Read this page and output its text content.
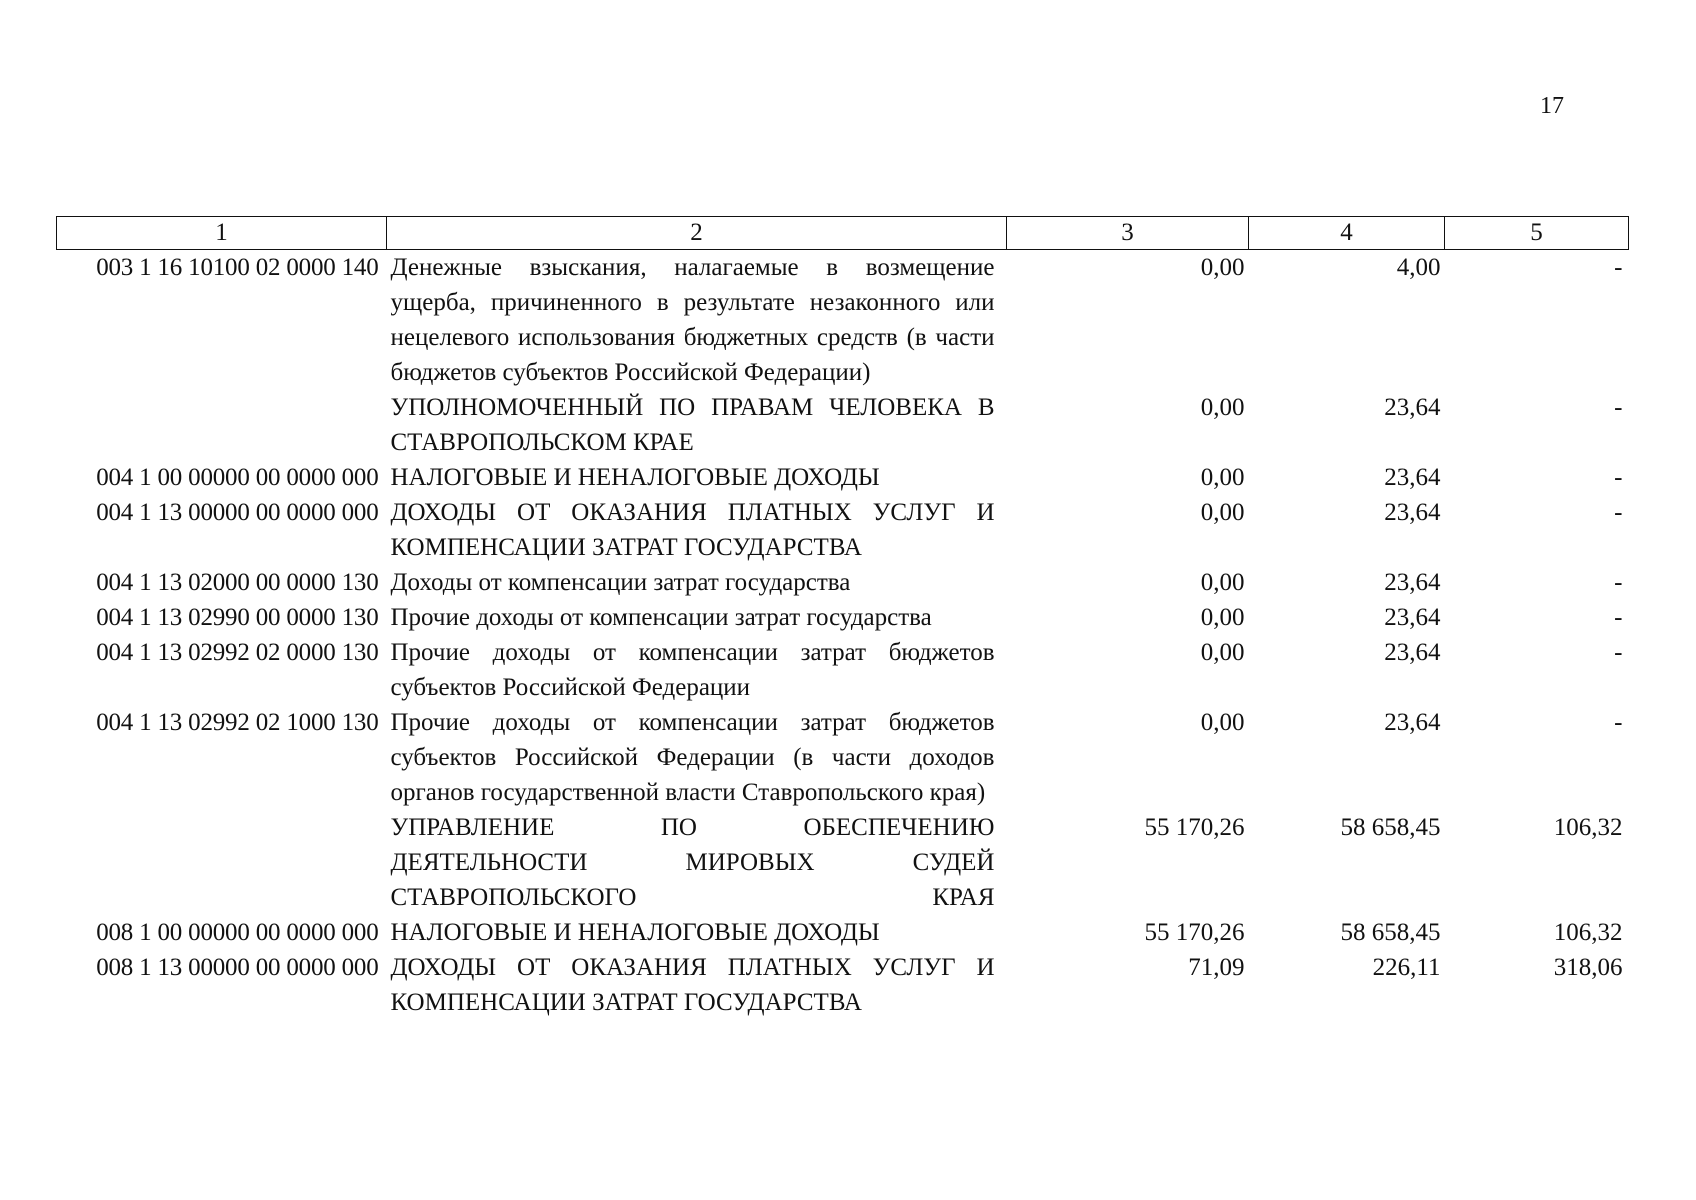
17
1	2	3	4	5
003 1 16 10100 02 0000 140	Денежные взыскания, налагаемые в возмещение ущерба, причиненного в результате незаконного или нецелевого использования бюджетных средств (в части бюджетов субъектов Российской Федерации)	0,00	4,00	-
	УПОЛНОМОЧЕННЫЙ ПО ПРАВАМ ЧЕЛОВЕКА В СТАВРОПОЛЬСКОМ КРАЕ	0,00	23,64	-
004 1 00 00000 00 0000 000	НАЛОГОВЫЕ И НЕНАЛОГОВЫЕ ДОХОДЫ	0,00	23,64	-
004 1 13 00000 00 0000 000	ДОХОДЫ ОТ ОКАЗАНИЯ ПЛАТНЫХ УСЛУГ И КОМПЕНСАЦИИ ЗАТРАТ ГОСУДАРСТВА	0,00	23,64	-
004 1 13 02000 00 0000 130	Доходы от компенсации затрат государства	0,00	23,64	-
004 1 13 02990 00 0000 130	Прочие доходы от компенсации затрат государства	0,00	23,64	-
004 1 13 02992 02 0000 130	Прочие доходы от компенсации затрат бюджетов субъектов Российской Федерации	0,00	23,64	-
004 1 13 02992 02 1000 130	Прочие доходы от компенсации затрат бюджетов субъектов Российской Федерации (в части доходов органов государственной власти Ставропольского края)	0,00	23,64	-
	УПРАВЛЕНИЕ ПО ОБЕСПЕЧЕНИЮ ДЕЯТЕЛЬНОСТИ МИРОВЫХ СУДЕЙ СТАВРОПОЛЬСКОГО КРАЯ	55 170,26	58 658,45	106,32
008 1 00 00000 00 0000 000	НАЛОГОВЫЕ И НЕНАЛОГОВЫЕ ДОХОДЫ	55 170,26	58 658,45	106,32
008 1 13 00000 00 0000 000	ДОХОДЫ ОТ ОКАЗАНИЯ ПЛАТНЫХ УСЛУГ И КОМПЕНСАЦИИ ЗАТРАТ ГОСУДАРСТВА	71,09	226,11	318,06
